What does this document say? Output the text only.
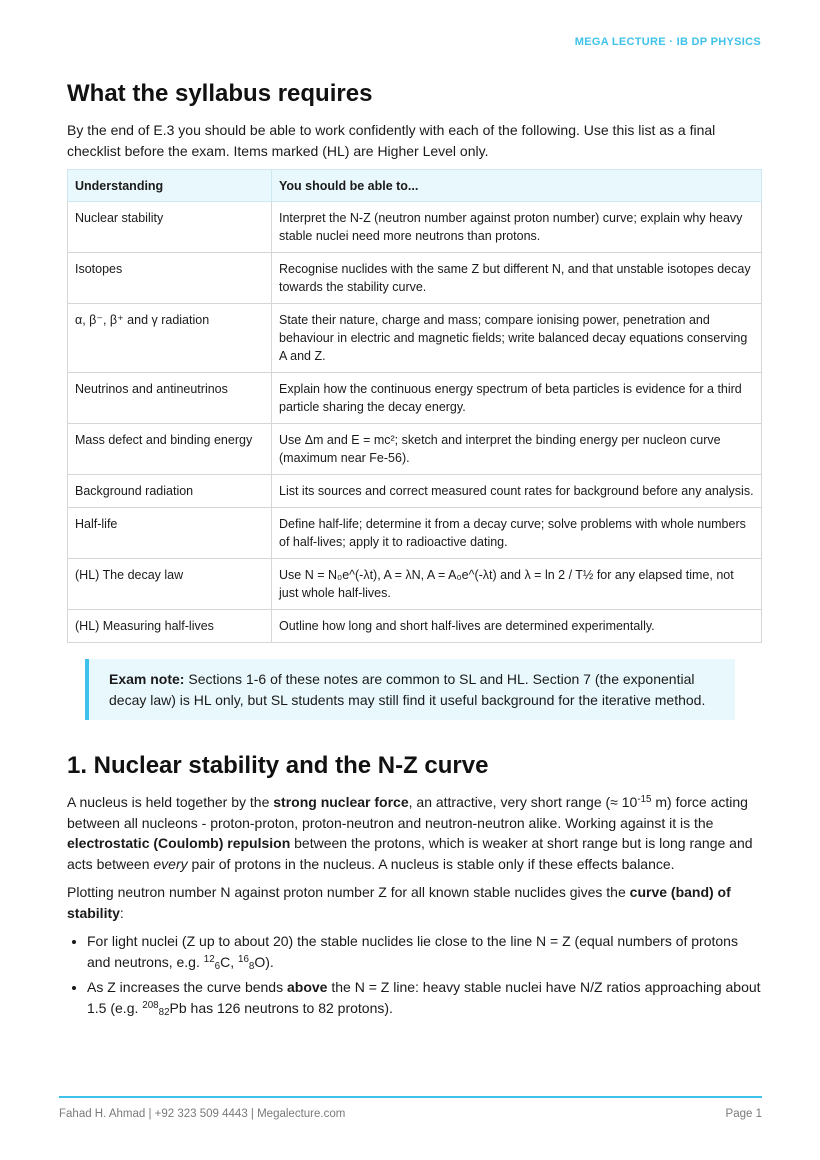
MEGA LECTURE · IB DP PHYSICS
What the syllabus requires

By the end of E.3 you should be able to work confidently with each of the following. Use this list as a final checklist before the exam. Items marked (HL) are Higher Level only.

Understanding	You should be able to...
Nuclear stability	Interpret the N-Z (neutron number against proton number) curve; explain why heavy stable nuclei need more neutrons than protons.
Isotopes	Recognise nuclides with the same Z but different N, and that unstable isotopes decay towards the stability curve.
α, β⁻, β⁺ and γ radiation	State their nature, charge and mass; compare ionising power, penetration and behaviour in electric and magnetic fields; write balanced decay equations conserving A and Z.
Neutrinos and antineutrinos	Explain how the continuous energy spectrum of beta particles is evidence for a third particle sharing the decay energy.
Mass defect and binding energy	Use Δm and E = mc²; sketch and interpret the binding energy per nucleon curve (maximum near Fe-56).
Background radiation	List its sources and correct measured count rates for background before any analysis.
Half-life	Define half-life; determine it from a decay curve; solve problems with whole numbers of half-lives; apply it to radioactive dating.
(HL) The decay law	Use N = N₀e^(-λt), A = λN, A = A₀e^(-λt) and λ = ln 2 / T½ for any elapsed time, not just whole half-lives.
(HL) Measuring half-lives	Outline how long and short half-lives are determined experimentally.
Exam note: Sections 1-6 of these notes are common to SL and HL. Section 7 (the exponential decay law) is HL only, but SL students may still find it useful background for the iterative method.
1. Nuclear stability and the N-Z curve

A nucleus is held together by the strong nuclear force, an attractive, very short range (≈ $10^{-15}$ m) force acting between all nucleons - proton-proton, proton-neutron and neutron-neutron alike. Working against it is the electrostatic (Coulomb) repulsion between the protons, which is weaker at short range but is long range and acts between every pair of protons in the nucleus. A nucleus is stable only if these effects balance.

Plotting neutron number N against proton number Z for all known stable nuclides gives the curve (band) of stability:

• For light nuclei (Z up to about 20) the stable nuclides lie close to the line N = Z (equal numbers of protons and neutrons, e.g. $^{12}_6$C, $^{16}_8$O).
• As Z increases the curve bends above the N = Z line: heavy stable nuclei have N/Z ratios approaching about 1.5 (e.g. $^{208}_{82}$Pb has 126 neutrons to 82 protons).
Fahad H. Ahmad | +92 323 509 4443 | Megalecture.com	Page 1
